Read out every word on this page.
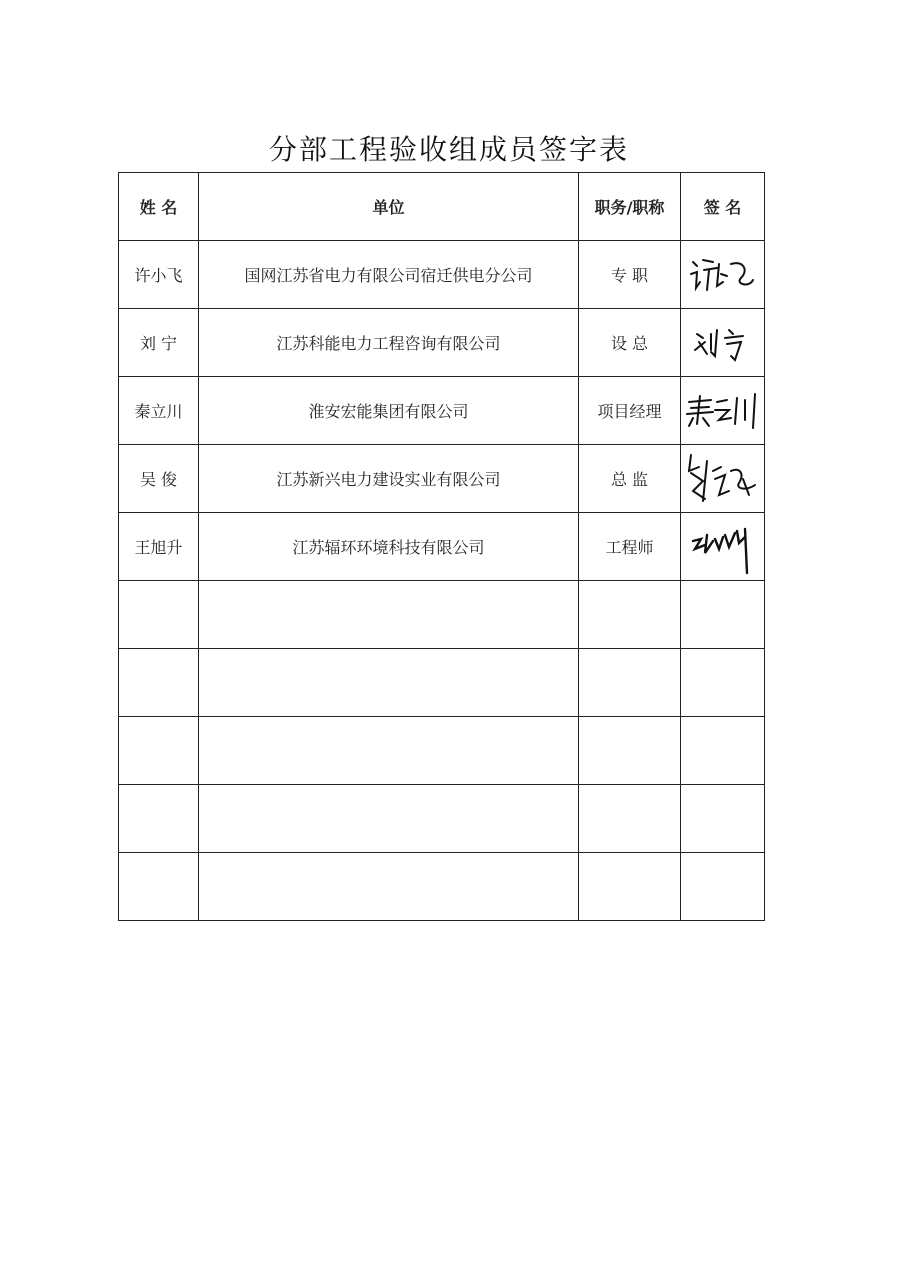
分部工程验收组成员签字表
姓 名	单位	职务/职称	签 名
许小飞	国网江苏省电力有限公司宿迁供电分公司	专 职	

刘 宁	江苏科能电力工程咨询有限公司	设 总	

秦立川	淮安宏能集团有限公司	项目经理	

吴 俊	江苏新兴电力建设实业有限公司	总 监	

王旭升	江苏辐环环境科技有限公司	工程师	
